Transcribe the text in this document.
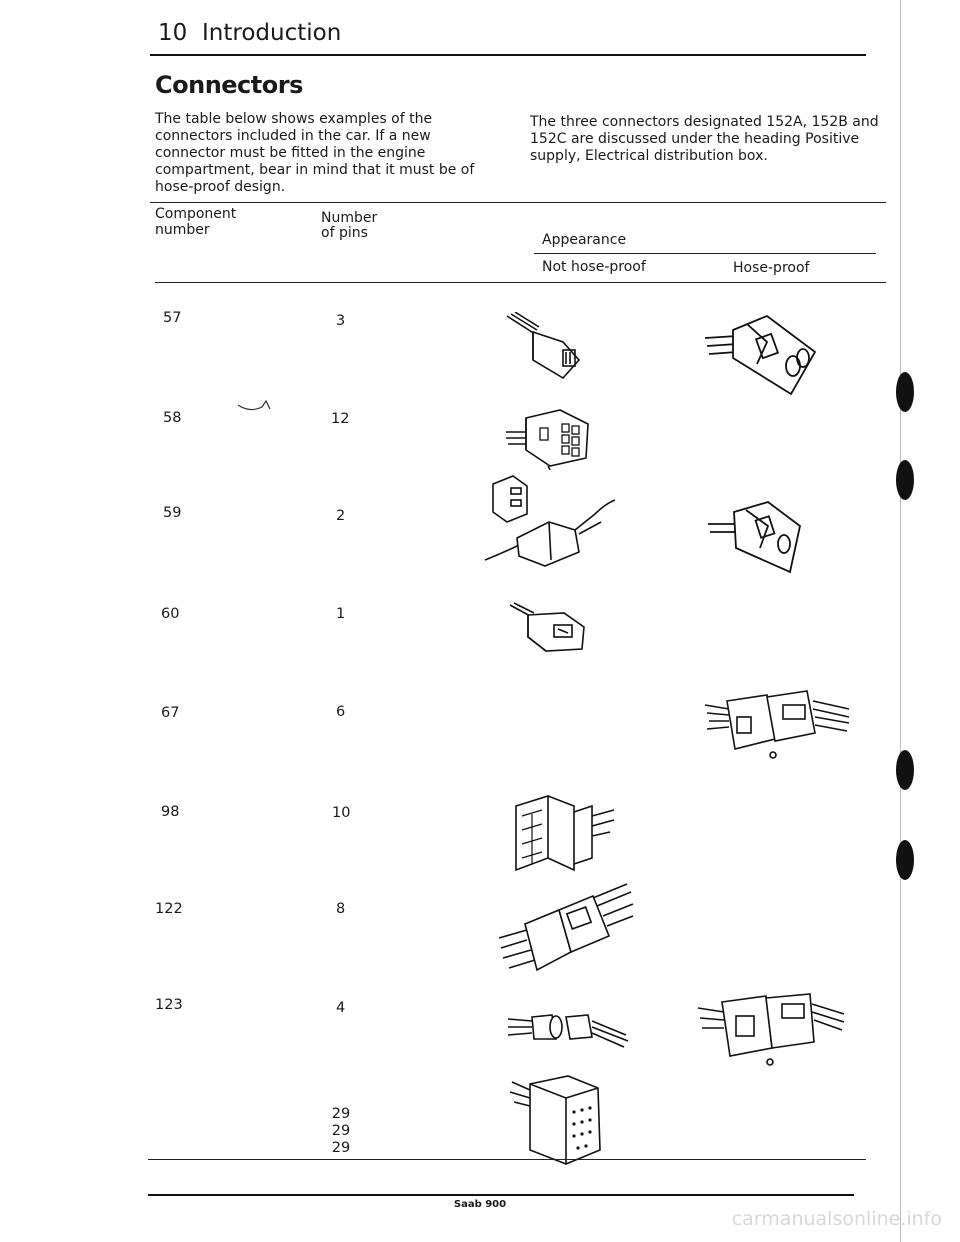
10 Introduction
Connectors
The table below shows examples of the connectors included in the car. If a new connector must be fitted in the engine compartment, bear in mind that it must be of hose-proof design.
The three connectors designated 152A, 152B and 152C are discussed under the heading Positive supply, Electrical distribution box.
Component
number
Number
of pins	Appearance
Not hose-proof	Hose-proof
57
58
59
60
67
98
122
123
3
12
2
1
6
10
8
4
29
29
29
Saab 900
carmanualsonline.info
